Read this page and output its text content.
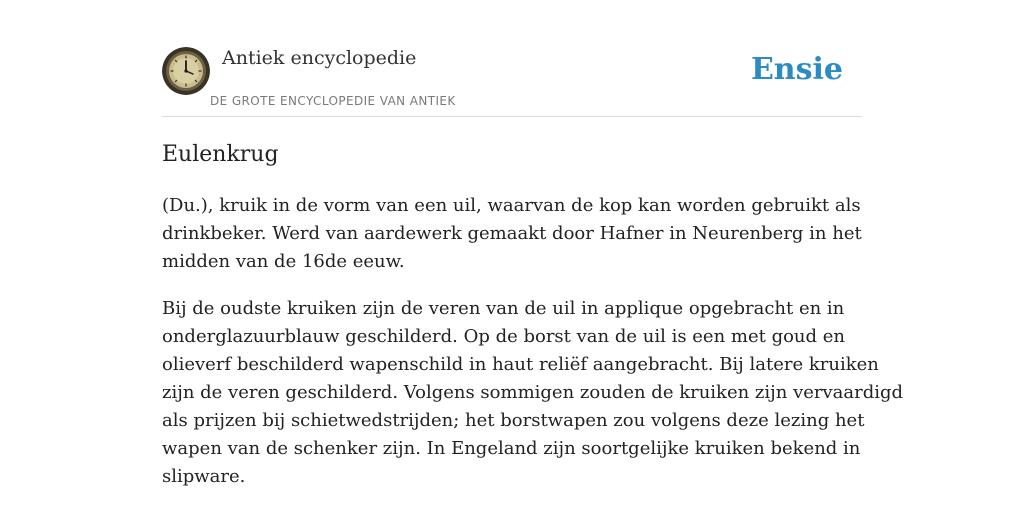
Antiek encyclopedie
DE GROTE ENCYCLOPEDIE VAN ANTIEK
Ensie
Eulenkrug

(Du.), kruik in de vorm van een uil, waarvan de kop kan worden gebruikt als
drinkbeker. Werd van aardewerk gemaakt door Hafner in Neurenberg in het
midden van de 16de eeuw.

Bij de oudste kruiken zijn de veren van de uil in applique opgebracht en in
onderglazuurblauw geschilderd. Op de borst van de uil is een met goud en
olieverf beschilderd wapenschild in haut reliëf aangebracht. Bij latere kruiken
zijn de veren geschilderd. Volgens sommigen zouden de kruiken zijn vervaardigd
als prijzen bij schietwedstrijden; het borstwapen zou volgens deze lezing het
wapen van de schenker zijn. In Engeland zijn soortgelijke kruiken bekend in
slipware.
